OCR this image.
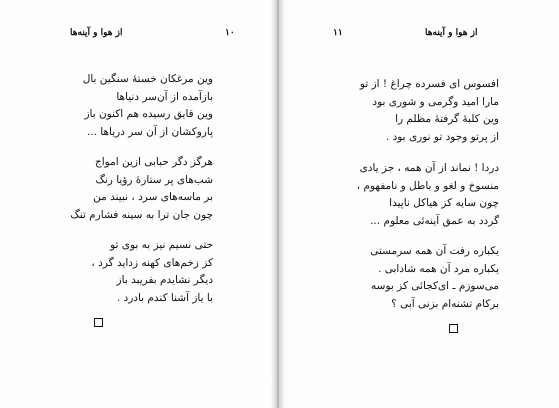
از هوا و آینه‌ها	۱۰
وین مرغکان خستهٔ سنگین بال
بازآمده از آن‌سر دنیاها
وین قایق رسیده هم اکنون باز
پاروکشان از آن سر دریاها ...
هرگز دگر حبابی ازین امواج
شب‌های پر ستارهٔ رؤیا رنگ
بر ماسه‌های سرد ، نبیند من
چون جان ترا به سینه فشارم تنگ
حتی نسیم نیز به بوی تو
کز زخم‌های کهنه زداید گرد ،
دیگر نشایدم بفریبد باز
با یاز آشنا کندم بادرد .
۱۱	از هوا و آینه‌ها
افسوس ای فسرده چراغ ! از تو
مارا امید وگرمی و شوری بود
وین کلبهٔ گرفتهٔ مظلم را
از پرتو وجود تو نوری بود .
دردا ! نماند از آن همه ، جز یادی
منسوخ و لغو و باطل و نامفهوم ،
چون سایه کز هیاکل ناپیدا
گردد به عمق آینه‌ئی معلوم ...
یکباره رفت آن همه سرمستی
یکباره مرد آن همه شادابی .
می‌سوزم ـ ای‌کجائی کز بوسه
بر‌کام تشنه‌ام بزنی آبی ؟
